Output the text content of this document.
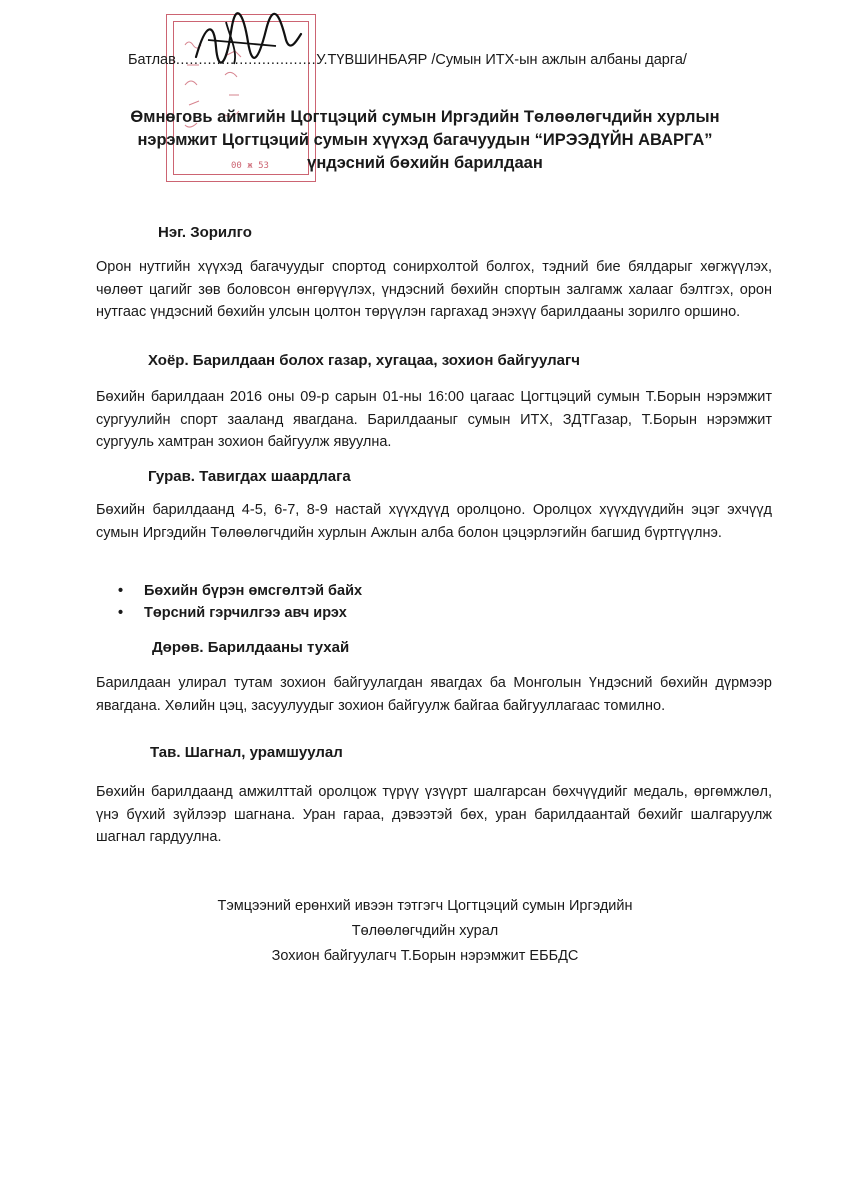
00 ж 53
Батлав...............................У.ТҮВШИНБАЯР /Сумын ИТХ-ын ажлын албаны дарга/
Өмнөговь аймгийн Цогтцэций сумын Иргэдийн Төлөөлөгчдийн хурлын
нэрэмжит Цогтцэций сумын хүүхэд багачуудын “ИРЭЭДҮЙН АВАРГА”
үндэсний бөхийн барилдаан
Нэг. Зорилго
Орон нутгийн хүүхэд багачуудыг спортод сонирхолтой болгох, тэдний бие бялдарыг хөгжүүлэх, чөлөөт цагийг зөв боловсон өнгөрүүлэх, үндэсний бөхийн спортын залгамж халааг бэлтгэх, орон нутгаас үндэсний бөхийн улсын цолтон төрүүлэн гаргахад энэхүү барилдааны зорилго оршино.
Хоёр. Барилдаан болох газар, хугацаа, зохион байгуулагч
Бөхийн барилдаан 2016 оны 09-р сарын 01-ны 16:00 цагаас Цогтцэций сумын Т.Борын нэрэмжит сургуулийн спорт зааланд явагдана. Барилдааныг сумын ИТХ, ЗДТГазар, Т.Борын нэрэмжит сургууль хамтран зохион байгуулж явуулна.
Гурав. Тавигдах шаардлага
Бөхийн барилдаанд 4-5, 6-7, 8-9 настай хүүхдүүд оролцоно. Оролцох хүүхдүүдийн эцэг эхчүүд сумын Иргэдийн Төлөөлөгчдийн хурлын Ажлын алба болон цэцэрлэгийн багшид бүртгүүлнэ.
• Бөхийн бүрэн өмсгөлтэй байх
• Төрсний гэрчилгээ авч ирэх
Дөрөв. Барилдааны тухай
Барилдаан улирал тутам зохион байгуулагдан явагдах ба Монголын Үндэсний бөхийн дүрмээр явагдана. Хөлийн цэц, засуулуудыг зохион байгуулж байгаа байгууллагаас томилно.
Тав. Шагнал, урамшуулал
Бөхийн барилдаанд амжилттай оролцож түрүү үзүүрт шалгарсан бөхчүүдийг медаль, өргөмжлөл, үнэ бүхий зүйлээр шагнана. Уран гараа, дэвээтэй бөх, уран барилдаантай бөхийг шалгаруулж шагнал гардуулна.
Тэмцээний ерөнхий ивээн тэтгэгч Цогтцэций сумын Иргэдийн
Төлөөлөгчдийн хурал
Зохион байгуулагч Т.Борын нэрэмжит ЕББДС
